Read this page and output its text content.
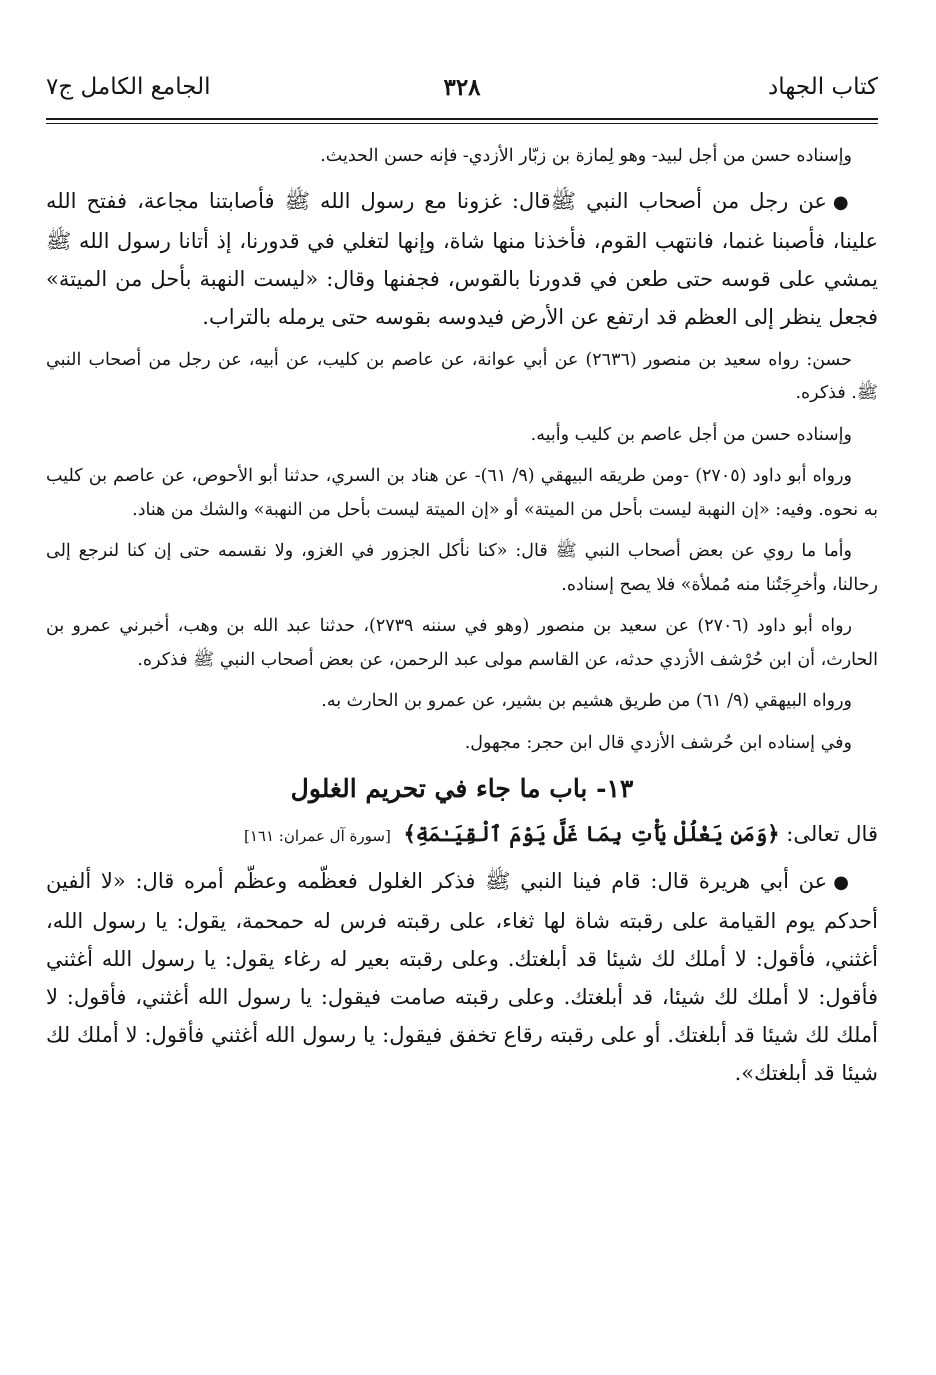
كتاب الجهاد
٣٢٨
الجامع الكامل ج٧

وإسناده حسن من أجل لبيد- وهو لِمازة بن زبّار الأزدي- فإنه حسن الحديث.

●عن رجل من أصحاب النبي ﷺقال: غزونا مع رسول الله ﷺ فأصابتنا مجاعة، ففتح الله علينا، فأصبنا غنما، فانتهب القوم، فأخذنا منها شاة، وإنها لتغلي في قدورنا، إذ أتانا رسول الله ﷺ يمشي على قوسه حتى طعن في قدورنا بالقوس، فجفنها وقال: «ليست النهبة بأحل من الميتة» فجعل ينظر إلى العظم قد ارتفع عن الأرض فيدوسه بقوسه حتى يرمله بالتراب.

حسن: رواه سعيد بن منصور (٢٦٣٦) عن أبي عوانة، عن عاصم بن كليب، عن أبيه، عن رجل من أصحاب النبي ﷺ. فذكره.

وإسناده حسن من أجل عاصم بن كليب وأبيه.

ورواه أبو داود (٢٧٠٥) -ومن طريقه البيهقي (٩/ ٦١)- عن هناد بن السري، حدثنا أبو الأحوص، عن عاصم بن كليب به نحوه. وفيه: «إن النهبة ليست بأحل من الميتة» أو «إن الميتة ليست بأحل من النهبة» والشك من هناد.

وأما ما روي عن بعض أصحاب النبي ﷺ قال: «كنا نأكل الجزور في الغزو، ولا نقسمه حتى إن كنا لنرجع إلى رحالنا، وأخرِجَتُنا منه مُملأة» فلا يصح إسناده.

رواه أبو داود (٢٧٠٦) عن سعيد بن منصور (وهو في سننه ٢٧٣٩)، حدثنا عبد الله بن وهب، أخبرني عمرو بن الحارث، أن ابن حُرْشف الأزدي حدثه، عن القاسم مولى عبد الرحمن، عن بعض أصحاب النبي ﷺ فذكره.

ورواه البيهقي (٩/ ٦١) من طريق هشيم بن بشير، عن عمرو بن الحارث به.

وفي إسناده ابن حُرشف الأزدي قال ابن حجر: مجهول.

١٣- باب ما جاء في تحريم الغلول

قال تعالى: ﴿وَمَن يَغْلُلْ يَأْتِ بِمَا غَلَّ يَوْمَ ٱلْقِيَـٰمَةِ﴾ [سورة آل عمران: ١٦١]

●عن أبي هريرة قال: قام فينا النبي ﷺ فذكر الغلول فعظّمه وعظّم أمره قال: «لا ألفين أحدكم يوم القيامة على رقبته شاة لها ثغاء، على رقبته فرس له حمحمة، يقول: يا رسول الله، أغثني، فأقول: لا أملك لك شيئا قد أبلغتك. وعلى رقبته بعير له رغاء يقول: يا رسول الله أغثني فأقول: لا أملك لك شيئا، قد أبلغتك. وعلى رقبته صامت فيقول: يا رسول الله أغثني، فأقول: لا أملك لك شيئا قد أبلغتك. أو على رقبته رقاع تخفق فيقول: يا رسول الله أغثني فأقول: لا أملك لك شيئا قد أبلغتك».
